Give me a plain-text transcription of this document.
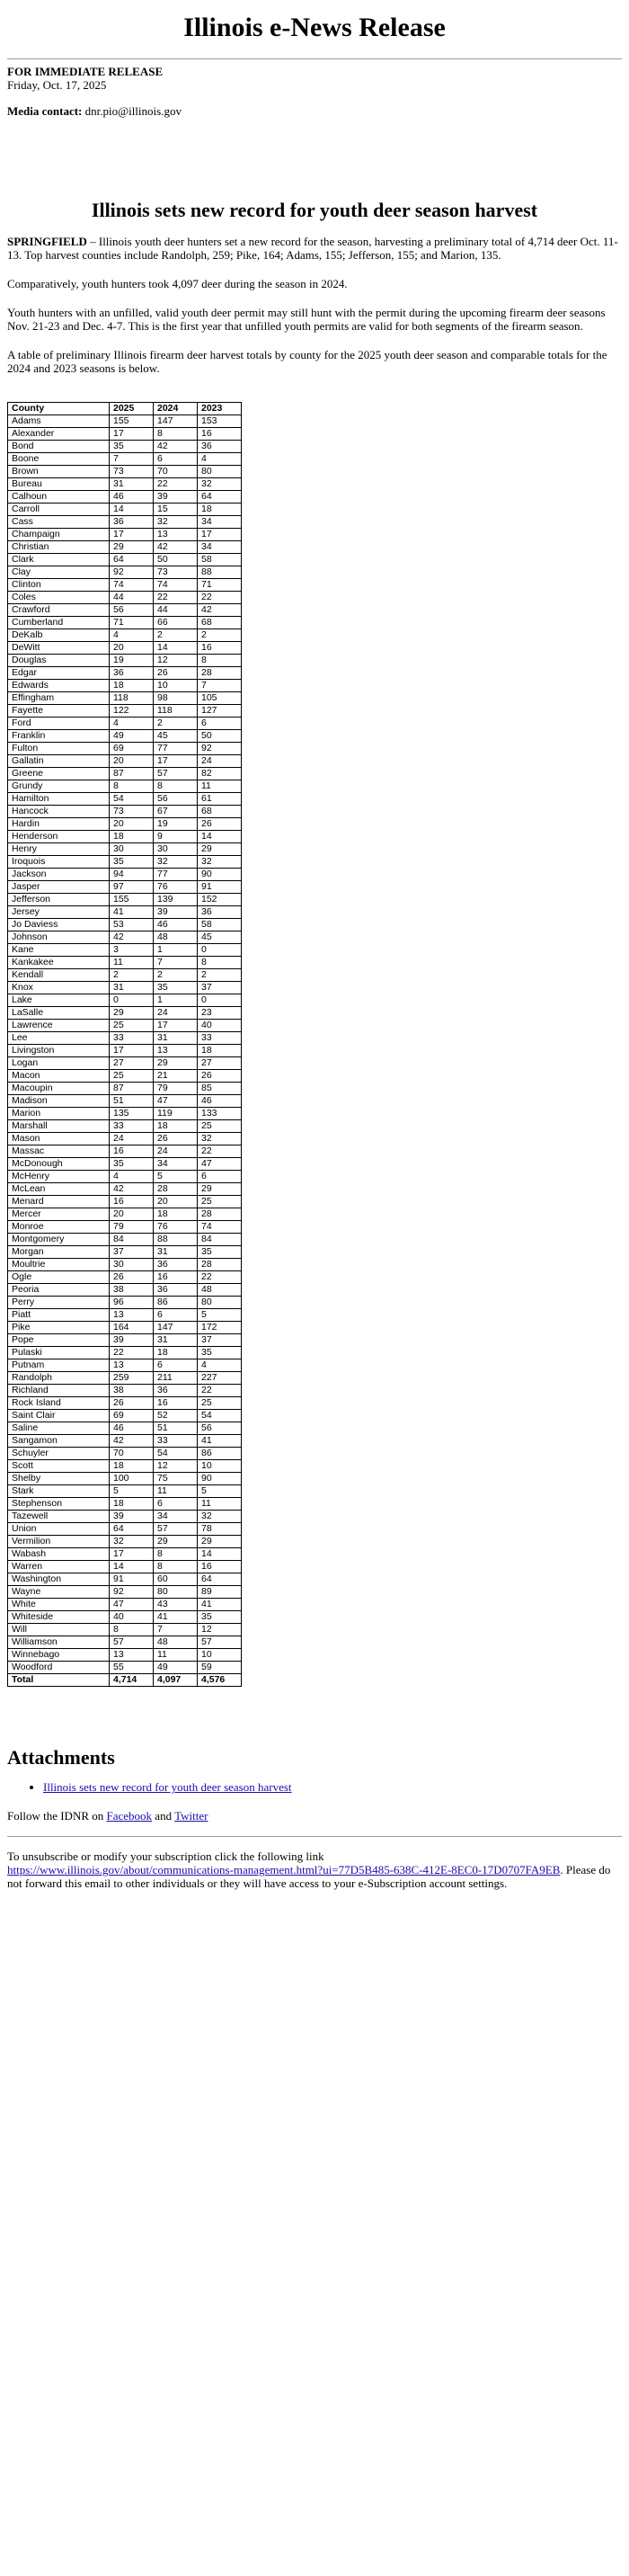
Illinois e-News Release
FOR IMMEDIATE RELEASE
Friday, Oct. 17, 2025
Media contact: dnr.pio@illinois.gov
Illinois sets new record for youth deer season harvest

SPRINGFIELD – Illinois youth deer hunters set a new record for the season, harvesting a preliminary total of 4,714 deer Oct. 11-13. Top harvest counties include Randolph, 259; Pike, 164; Adams, 155; Jefferson, 155; and Marion, 135.

Comparatively, youth hunters took 4,097 deer during the season in 2024.

Youth hunters with an unfilled, valid youth deer permit may still hunt with the permit during the upcoming firearm deer seasons Nov. 21-23 and Dec. 4-7. This is the first year that unfilled youth permits are valid for both segments of the firearm season.

A table of preliminary Illinois firearm deer harvest totals by county for the 2025 youth deer season and comparable totals for the 2024 and 2023 seasons is below.

County	2025	2024	2023
Adams	155	147	153
Alexander	17	8	16
Bond	35	42	36
Boone	7	6	4
Brown	73	70	80
Bureau	31	22	32
Calhoun	46	39	64
Carroll	14	15	18
Cass	36	32	34
Champaign	17	13	17
Christian	29	42	34
Clark	64	50	58
Clay	92	73	88
Clinton	74	74	71
Coles	44	22	22
Crawford	56	44	42
Cumberland	71	66	68
DeKalb	4	2	2
DeWitt	20	14	16
Douglas	19	12	8
Edgar	36	26	28
Edwards	18	10	7
Effingham	118	98	105
Fayette	122	118	127
Ford	4	2	6
Franklin	49	45	50
Fulton	69	77	92
Gallatin	20	17	24
Greene	87	57	82
Grundy	8	8	11
Hamilton	54	56	61
Hancock	73	67	68
Hardin	20	19	26
Henderson	18	9	14
Henry	30	30	29
Iroquois	35	32	32
Jackson	94	77	90
Jasper	97	76	91
Jefferson	155	139	152
Jersey	41	39	36
Jo Daviess	53	46	58
Johnson	42	48	45
Kane	3	1	0
Kankakee	11	7	8
Kendall	2	2	2
Knox	31	35	37
Lake	0	1	0
LaSalle	29	24	23
Lawrence	25	17	40
Lee	33	31	33
Livingston	17	13	18
Logan	27	29	27
Macon	25	21	26
Macoupin	87	79	85
Madison	51	47	46
Marion	135	119	133
Marshall	33	18	25
Mason	24	26	32
Massac	16	24	22
McDonough	35	34	47
McHenry	4	5	6
McLean	42	28	29
Menard	16	20	25
Mercer	20	18	28
Monroe	79	76	74
Montgomery	84	88	84
Morgan	37	31	35
Moultrie	30	36	28
Ogle	26	16	22
Peoria	38	36	48
Perry	96	86	80
Piatt	13	6	5
Pike	164	147	172
Pope	39	31	37
Pulaski	22	18	35
Putnam	13	6	4
Randolph	259	211	227
Richland	38	36	22
Rock Island	26	16	25
Saint Clair	69	52	54
Saline	46	51	56
Sangamon	42	33	41
Schuyler	70	54	86
Scott	18	12	10
Shelby	100	75	90
Stark	5	11	5
Stephenson	18	6	11
Tazewell	39	34	32
Union	64	57	78
Vermilion	32	29	29
Wabash	17	8	14
Warren	14	8	16
Washington	91	60	64
Wayne	92	80	89
White	47	43	41
Whiteside	40	41	35
Will	8	7	12
Williamson	57	48	57
Winnebago	13	11	10
Woodford	55	49	59
Total	4,714	4,097	4,576
Attachments
• Illinois sets new record for youth deer season harvest
Follow the IDNR on Facebook and Twitter
To unsubscribe or modify your subscription click the following link
https://www.illinois.gov/about/communications-management.html?ui=77D5B485-638C-412E-8EC0-17D0707FA9EB. Please do not forward this email to other individuals or they will have access to your e-Subscription account settings.
